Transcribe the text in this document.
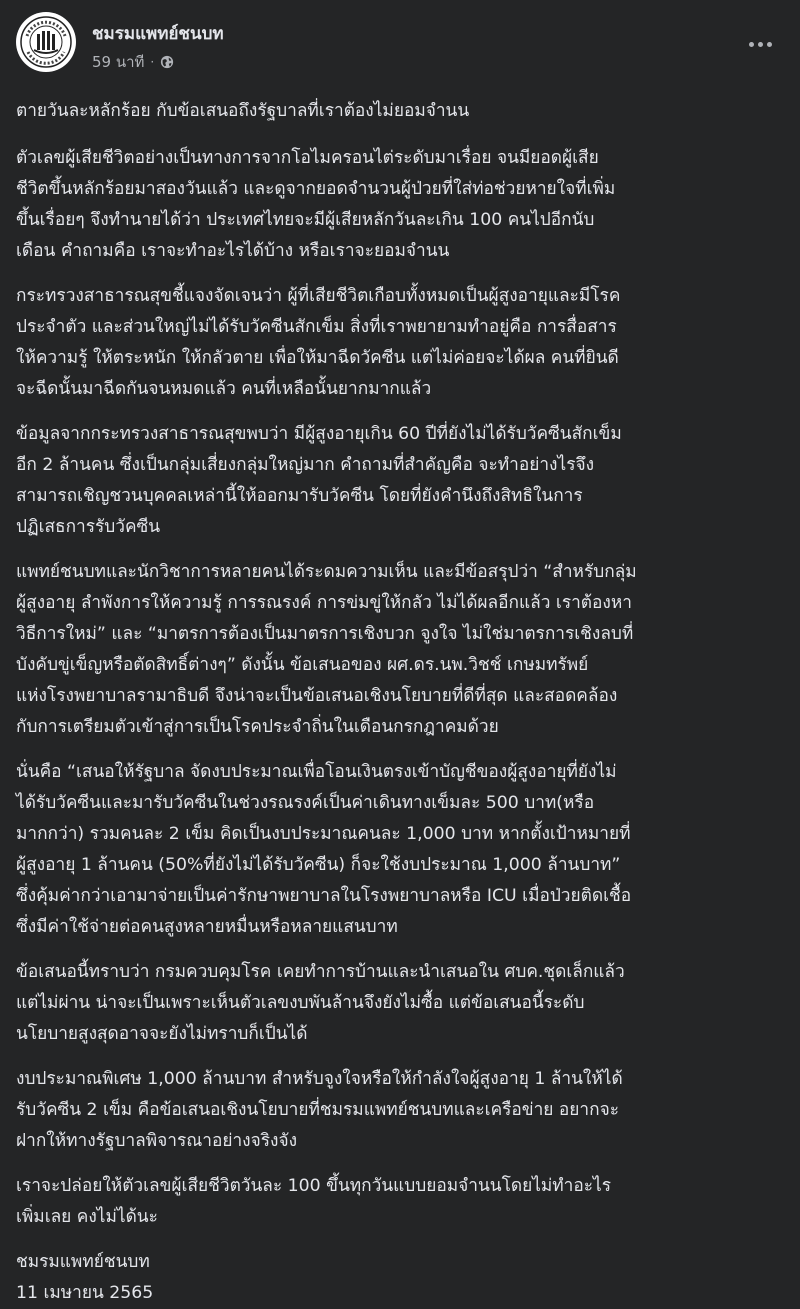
ชมรมแพทย์ชนบท
59 นาที ·

ตายวันละหลักร้อย กับข้อเสนอถึงรัฐบาลที่เราต้องไม่ยอมจำนน

ตัวเลขผู้เสียชีวิตอย่างเป็นทางการจากโอไมครอนไต่ระดับมาเรื่อย จนมียอดผู้เสีย
ชีวิตขึ้นหลักร้อยมาสองวันแล้ว และดูจากยอดจำนวนผู้ป่วยที่ใส่ท่อช่วยหายใจที่เพิ่ม
ขึ้นเรื่อยๆ จึงทำนายได้ว่า ประเทศไทยจะมีผู้เสียหลักวันละเกิน 100 คนไปอีกนับ
เดือน คำถามคือ เราจะทำอะไรได้บ้าง หรือเราจะยอมจำนน

กระทรวงสาธารณสุขชี้แจงจัดเจนว่า ผู้ที่เสียชีวิตเกือบทั้งหมดเป็นผู้สูงอายุและมีโรค
ประจำตัว และส่วนใหญ่ไม่ได้รับวัคซีนสักเข็ม สิ่งที่เราพยายามทำอยู่คือ การสื่อสาร
ให้ความรู้ ให้ตระหนัก ให้กลัวตาย เพื่อให้มาฉีดวัคซีน แต่ไม่ค่อยจะได้ผล คนที่ยินดี
จะฉีดนั้นมาฉีดกันจนหมดแล้ว คนที่เหลือนั้นยากมากแล้ว

ข้อมูลจากกระทรวงสาธารณสุขพบว่า มีผู้สูงอายุเกิน 60 ปีที่ยังไม่ได้รับวัคซีนสักเข็ม
อีก 2 ล้านคน ซึ่งเป็นกลุ่มเสี่ยงกลุ่มใหญ่มาก คำถามที่สำคัญคือ จะทำอย่างไรจึง
สามารถเชิญชวนบุคคลเหล่านี้ให้ออกมารับวัคซีน โดยที่ยังคำนึงถึงสิทธิในการ
ปฏิเสธการรับวัคซีน

แพทย์ชนบทและนักวิชาการหลายคนได้ระดมความเห็น และมีข้อสรุปว่า “สำหรับกลุ่ม
ผู้สูงอายุ ลำพังการให้ความรู้ การรณรงค์ การข่มขู่ให้กลัว ไม่ได้ผลอีกแล้ว เราต้องหา
วิธีการใหม่” และ “มาตรการต้องเป็นมาตรการเชิงบวก จูงใจ ไม่ใช่มาตรการเชิงลบที่
บังคับขู่เข็ญหรือตัดสิทธิ์ต่างๆ” ดังนั้น ข้อเสนอของ ผศ.ดร.นพ.วิชช์ เกษมทรัพย์
แห่งโรงพยาบาลรามาธิบดี จึงน่าจะเป็นข้อเสนอเชิงนโยบายที่ดีที่สุด และสอดคล้อง
กับการเตรียมตัวเข้าสู่การเป็นโรคประจำถิ่นในเดือนกรกฎาคมด้วย

นั่นคือ “เสนอให้รัฐบาล จัดงบประมาณเพื่อโอนเงินตรงเข้าบัญชีของผู้สูงอายุที่ยังไม่
ได้รับวัคซีนและมารับวัคซีนในช่วงรณรงค์เป็นค่าเดินทางเข็มละ 500 บาท(หรือ
มากกว่า) รวมคนละ 2 เข็ม คิดเป็นงบประมาณคนละ 1,000 บาท หากตั้งเป้าหมายที่
ผู้สูงอายุ 1 ล้านคน (50%ที่ยังไม่ได้รับวัคซีน) ก็จะใช้งบประมาณ 1,000 ล้านบาท”
ซึ่งคุ้มค่ากว่าเอามาจ่ายเป็นค่ารักษาพยาบาลในโรงพยาบาลหรือ ICU เมื่อป่วยติดเชื้อ
ซึ่งมีค่าใช้จ่ายต่อคนสูงหลายหมื่นหรือหลายแสนบาท

ข้อเสนอนี้ทราบว่า กรมควบคุมโรค เคยทำการบ้านและนำเสนอใน ศบค.ชุดเล็กแล้ว
แต่ไม่ผ่าน น่าจะเป็นเพราะเห็นตัวเลขงบพันล้านจึงยังไม่ซื้อ แต่ข้อเสนอนี้ระดับ
นโยบายสูงสุดอาจจะยังไม่ทราบก็เป็นได้

งบประมาณพิเศษ 1,000 ล้านบาท สำหรับจูงใจหรือให้กำลังใจผู้สูงอายุ 1 ล้านให้ได้
รับวัคซีน 2 เข็ม คือข้อเสนอเชิงนโยบายที่ชมรมแพทย์ชนบทและเครือข่าย อยากจะ
ฝากให้ทางรัฐบาลพิจารณาอย่างจริงจัง

เราจะปล่อยให้ตัวเลขผู้เสียชีวิตวันละ 100 ขึ้นทุกวันแบบยอมจำนนโดยไม่ทำอะไร
เพิ่มเลย คงไม่ได้นะ

ชมรมแพทย์ชนบท
11 เมษายน 2565
